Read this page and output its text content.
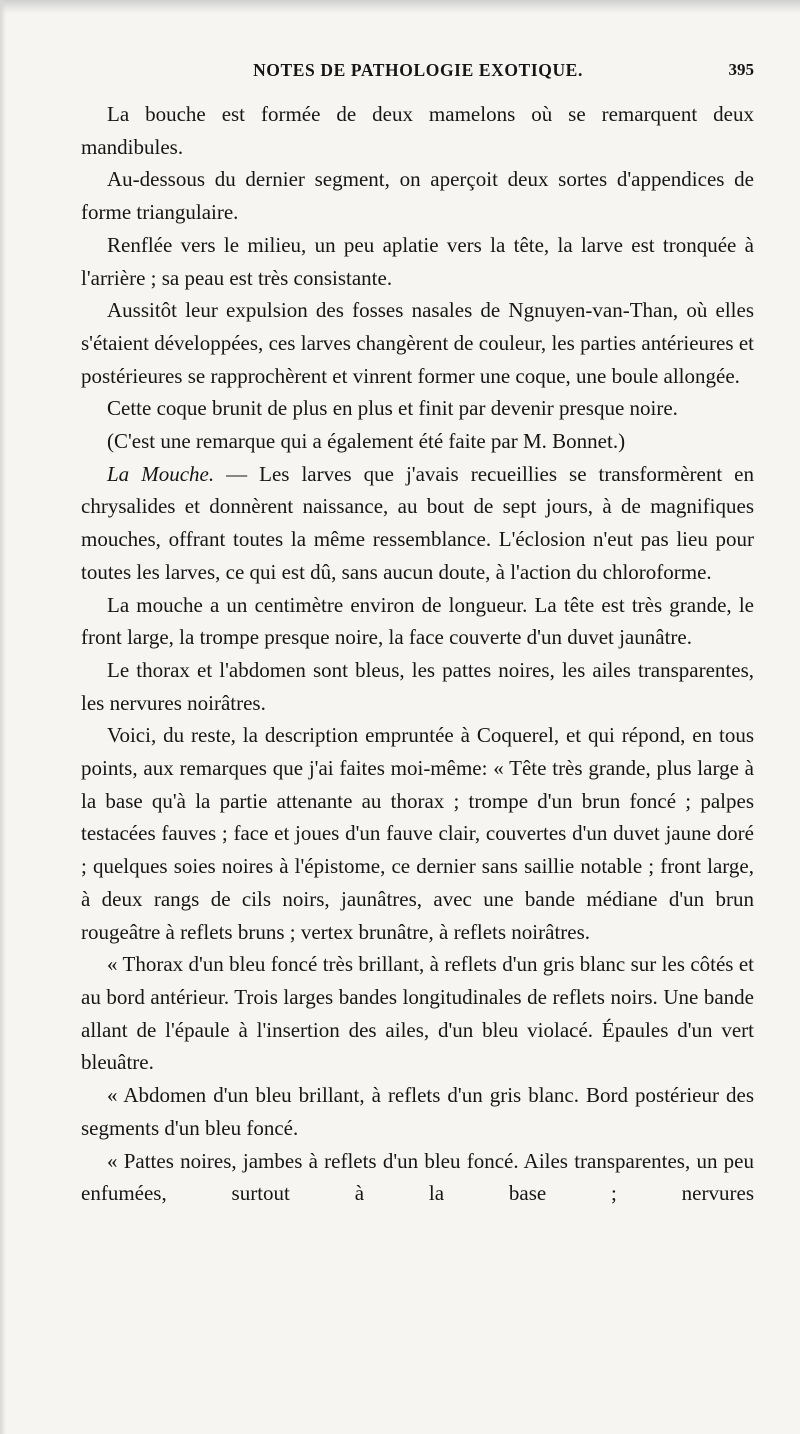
NOTES DE PATHOLOGIE EXOTIQUE.	395

La bouche est formée de deux mamelons où se remarquent deux mandibules.

Au-dessous du dernier segment, on aperçoit deux sortes d'appendices de forme triangulaire.

Renflée vers le milieu, un peu aplatie vers la tête, la larve est tronquée à l'arrière ; sa peau est très consistante.

Aussitôt leur expulsion des fosses nasales de Ngnuyen-van-Than, où elles s'étaient développées, ces larves changèrent de couleur, les parties antérieures et postérieures se rapprochèrent et vinrent former une coque, une boule allongée.

Cette coque brunit de plus en plus et finit par devenir presque noire.

(C'est une remarque qui a également été faite par M. Bonnet.)

La Mouche. — Les larves que j'avais recueillies se transformèrent en chrysalides et donnèrent naissance, au bout de sept jours, à de magnifiques mouches, offrant toutes la même ressemblance. L'éclosion n'eut pas lieu pour toutes les larves, ce qui est dû, sans aucun doute, à l'action du chloroforme.

La mouche a un centimètre environ de longueur. La tête est très grande, le front large, la trompe presque noire, la face couverte d'un duvet jaunâtre.

Le thorax et l'abdomen sont bleus, les pattes noires, les ailes transparentes, les nervures noirâtres.

Voici, du reste, la description empruntée à Coquerel, et qui répond, en tous points, aux remarques que j'ai faites moi-même: « Tête très grande, plus large à la base qu'à la partie attenante au thorax ; trompe d'un brun foncé ; palpes testacées fauves ; face et joues d'un fauve clair, couvertes d'un duvet jaune doré ; quelques soies noires à l'épistome, ce dernier sans saillie notable ; front large, à deux rangs de cils noirs, jaunâtres, avec une bande médiane d'un brun rougeâtre à reflets bruns ; vertex brunâtre, à reflets noirâtres.

« Thorax d'un bleu foncé très brillant, à reflets d'un gris blanc sur les côtés et au bord antérieur. Trois larges bandes longitudinales de reflets noirs. Une bande allant de l'épaule à l'insertion des ailes, d'un bleu violacé. Épaules d'un vert bleuâtre.

« Abdomen d'un bleu brillant, à reflets d'un gris blanc. Bord postérieur des segments d'un bleu foncé.

« Pattes noires, jambes à reflets d'un bleu foncé. Ailes transparentes, un peu enfumées, surtout à la base ; nervures
